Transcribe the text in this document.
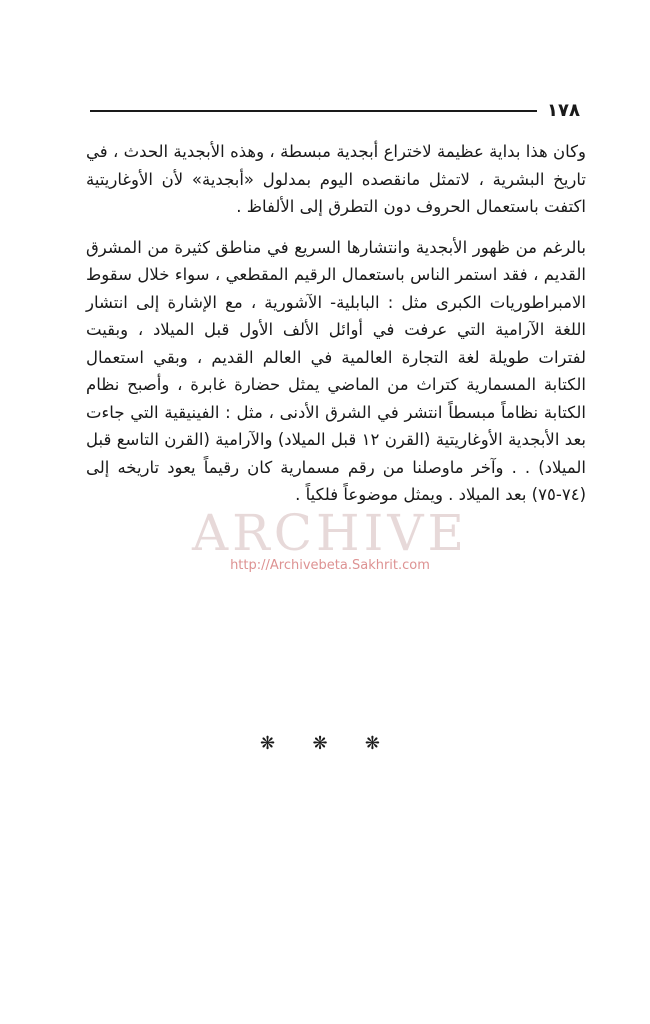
١٧٨

وكان هذا بداية عظيمة لاختراع أبجدية مبسطة ، وهذه الأبجدية الحدث ، في تاريخ البشرية ، لاتمثل مانقصده اليوم بمدلول «أبجدية» لأن الأوغاريتية اكتفت باستعمال الحروف دون التطرق إلى الألفاظ .

بالرغم من ظهور الأبجدية وانتشارها السريع في مناطق كثيرة من المشرق القديم ، فقد استمر الناس باستعمال الرقيم المقطعي ، سواء خلال سقوط الامبراطوريات الكبرى مثل : البابلية- الآشورية ، مع الإشارة إلى انتشار اللغة الآرامية التي عرفت في أوائل الألف الأول قبل الميلاد ، وبقيت لفترات طويلة لغة التجارة العالمية في العالم القديم ، وبقي استعمال الكتابة المسمارية كتراث من الماضي يمثل حضارة غابرة ، وأصبح نظام الكتابة نظاماً مبسطاً انتشر في الشرق الأدنى ، مثل : الفينيقية التي جاءت بعد الأبجدية الأوغاريتية (القرن ١٢ قبل الميلاد) والآرامية (القرن التاسع قبل الميلاد) . . وآخر ماوصلنا من رقم مسمارية كان رقيماً يعود تاريخه إلى (٧٤-٧٥) بعد الميلاد . ويمثل موضوعاً فلكياً .

ARCHIVE
http://Archivebeta.Sakhrit.com
❋ ❋ ❋
